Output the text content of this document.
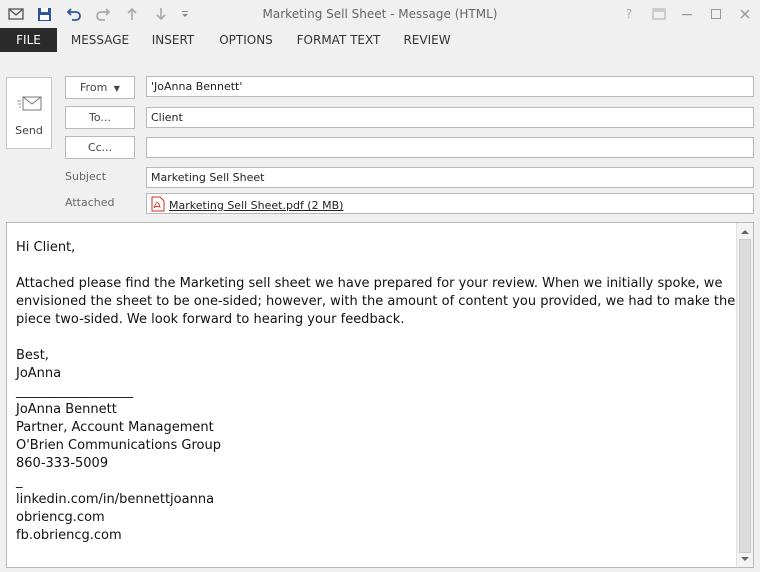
Marketing Sell Sheet - Message (HTML)	?
FILE	MESSAGE	INSERT	OPTIONS	FORMAT TEXT	REVIEW
Send
From ▼	'JoAnna Bennett'
To...	Client
Cc...
Subject	Marketing Sell Sheet
Attached	Marketing Sell Sheet.pdf (2 MB)

Hi Client,

Attached please find the Marketing sell sheet we have prepared for your review. When we initially spoke, we envisioned the sheet to be one-sided; however, with the amount of content you provided, we had to make the piece two-sided. We look forward to hearing your feedback.

Best,

JoAnna

__________________

JoAnna Bennett

Partner, Account Management

O'Brien Communications Group

860-333-5009

_

linkedin.com/in/bennettjoanna

obriencg.com

fb.obriencg.com
